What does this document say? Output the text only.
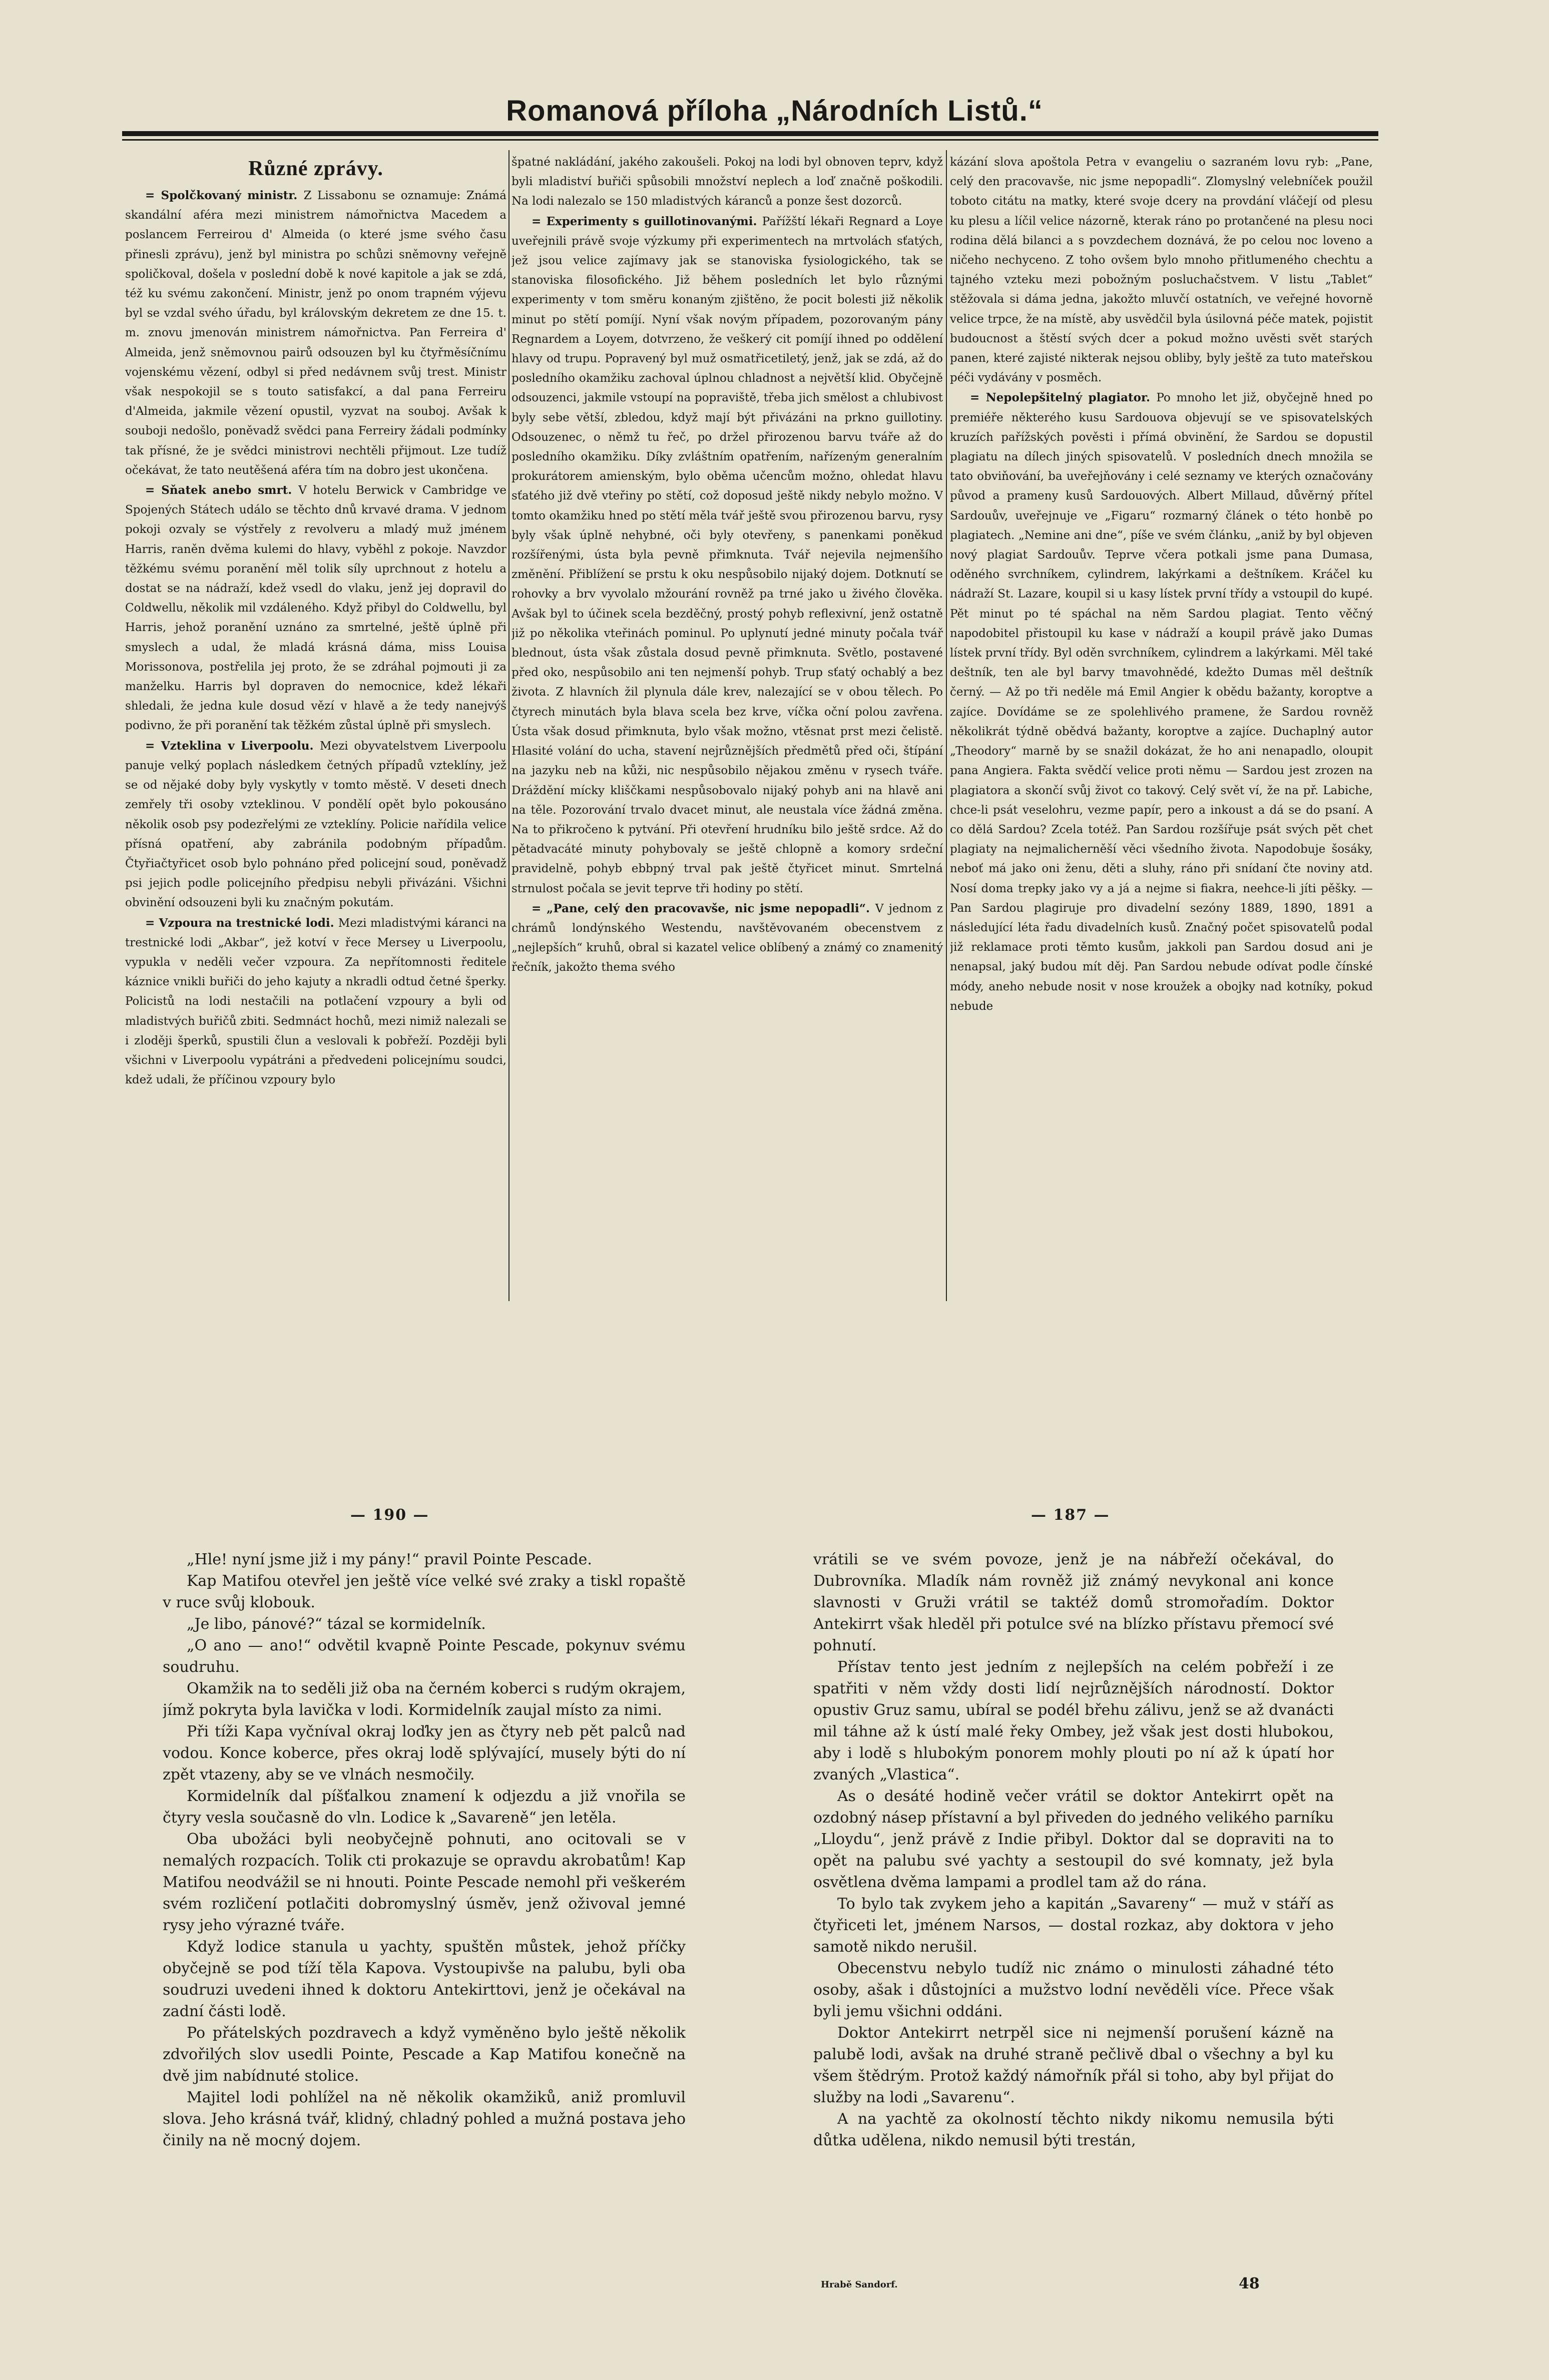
Romanová příloha „Národních Listů.“
Různé zprávy.

= Spolčkovaný ministr. Z Lissabonu se oznamuje: Známá skandální aféra mezi ministrem námořnictva Macedem a poslancem Ferreirou d' Almeida (o které jsme svého času přinesli zprávu), jenž byl ministra po schůzi sněmovny veřejně spoličkoval, došela v poslední době k nové kapitole a jak se zdá, též ku svému zakončení. Ministr, jenž po onom trapném výjevu byl se vzdal svého úřadu, byl královským dekretem ze dne 15. t. m. znovu jmenován ministrem námořnictva. Pan Ferreira d' Almeida, jenž sněmovnou pairů odsouzen byl ku čtyřměsíčnímu vojenskému vězení, odbyl si před nedávnem svůj trest. Ministr však nespokojil se s touto satisfakcí, a dal pana Ferreiru d'Almeida, jakmile vězení opustil, vyzvat na souboj. Avšak k souboji nedošlo, poněvadž svědci pana Ferreiry žádali podmínky tak přísné, že je svědci ministrovi nechtěli přijmout. Lze tudíž očekávat, že tato neutěšená aféra tím na dobro jest ukončena.

= Sňatek anebo smrt. V hotelu Berwick v Cambridge ve Spojených Státech událo se těchto dnů krvavé drama. V jednom pokoji ozvaly se výstřely z revolveru a mladý muž jménem Harris, raněn dvěma kulemi do hlavy, vyběhl z pokoje. Navzdor těžkému svému poranění měl tolik síly uprchnout z hotelu a dostat se na nádraží, kdež vsedl do vlaku, jenž jej dopravil do Coldwellu, několik mil vzdáleného. Když přibyl do Coldwellu, byl Harris, jehož poranění uznáno za smrtelné, ještě úplně při smyslech a udal, že mladá krásná dáma, miss Louisa Morissonova, postřelila jej proto, že se zdráhal pojmouti ji za manželku. Harris byl dopraven do nemocnice, kdež lékaři shledali, že jedna kule dosud vězí v hlavě a že tedy nanejvýš podivno, že při poranění tak těžkém zůstal úplně při smyslech.

= Vzteklina v Liverpoolu. Mezi obyvatelstvem Liverpoolu panuje velký poplach následkem četných případů vzteklíny, jež se od nějaké doby byly vyskytly v tomto městě. V deseti dnech zemřely tři osoby vzteklinou. V pondělí opět bylo pokousáno několik osob psy podezřelými ze vzteklíny. Policie nařídila velice přísná opatření, aby zabránila podobným případům. Čtyřiačtyřicet osob bylo pohnáno před policejní soud, poněvadž psi jejich podle policejního předpisu nebyli přivázáni. Všichni obvinění odsouzeni byli ku značným pokutám.

= Vzpoura na trestnické lodi. Mezi mladistvými káranci na trestnické lodi „Akbar“, jež kotví v řece Mersey u Liverpoolu, vypukla v neděli večer vzpoura. Za nepřítomnosti ředitele káznice vnikli buřiči do jeho kajuty a nkradli odtud četné šperky. Policistů na lodi nestačili na potlačení vzpoury a byli od mladistvých buřičů zbiti. Sedmnáct hochů, mezi nimiž nalezali se i zloději šperků, spustili člun a veslovali k pobřeží. Později byli všichni v Liverpoolu vypátráni a předvedeni policejnímu soudci, kdež udali, že příčinou vzpoury bylo

špatné nakládání, jakého zakoušeli. Pokoj na lodi byl obnoven teprv, když byli mladiství buřiči spůsobili množství neplech a loď značně poškodili. Na lodi nalezalo se 150 mladistvých káranců a ponze šest dozorců.

= Experimenty s guillotinovanými. Pařížští lékaři Regnard a Loye uveřejnili právě svoje výzkumy při experimentech na mrtvolách sťatých, jež jsou velice zajímavy jak se stanoviska fysiologického, tak se stanoviska filosofického. Již během posledních let bylo různými experimenty v tom směru konaným zjištěno, že pocit bolesti již několik minut po stětí pomíjí. Nyní však novým případem, pozorovaným pány Regnardem a Loyem, dotvrzeno, že veškerý cit pomíjí ihned po oddělení hlavy od trupu. Popravený byl muž osmatřicetiletý, jenž, jak se zdá, až do posledního okamžiku zachoval úplnou chladnost a největší klid. Obyčejně odsouzenci, jakmile vstoupí na popraviště, třeba jich smělost a chlubivost byly sebe větší, zbledou, když mají být přivázáni na prkno guillotiny. Odsouzenec, o němž tu řeč, po držel přirozenou barvu tváře až do posledního okamžiku. Díky zvláštním opatřením, nařízeným generalním prokurátorem amienským, bylo oběma učencům možno, ohledat hlavu sťatého již dvě vteřiny po stětí, což doposud ještě nikdy nebylo možno. V tomto okamžiku hned po stětí měla tvář ještě svou přirozenou barvu, rysy byly však úplně nehybné, oči byly otevřeny, s panenkami poněkud rozšířenými, ústa byla pevně přimknuta. Tvář nejevila nejmenšího změnění. Přiblížení se prstu k oku nespůsobilo nijaký dojem. Dotknutí se rohovky a brv vyvolalo mžourání rovněž pa trné jako u živého člověka. Avšak byl to účinek scela bezděčný, prostý pohyb reflexivní, jenž ostatně již po několika vteřinách pominul. Po uplynutí jedné minuty počala tvář blednout, ústa však zůstala dosud pevně přimknuta. Světlo, postavené před oko, nespůsobilo ani ten nejmenší pohyb. Trup sťatý ochablý a bez života. Z hlavních žil plynula dále krev, nalezající se v obou tělech. Po čtyrech minutách byla blava scela bez krve, víčka oční polou zavřena. Ústa však dosud přimknuta, bylo však možno, vtěsnat prst mezi čelistě. Hlasité volání do ucha, stavení nejrůznějších předmětů před oči, štípání na jazyku neb na kůži, nic nespůsobilo nějakou změnu v rysech tváře. Dráždění mícky kliščkami nespůsobovalo nijaký pohyb ani na hlavě ani na těle. Pozorování trvalo dvacet minut, ale neustala více žádná změna. Na to přikročeno k pytvání. Při otevření hrudníku bilo ještě srdce. Až do pětadvacáté minuty pohybovaly se ještě chlopně a komory srdeční pravidelně, pohyb ebbpný trval pak ještě čtyřicet minut. Smrtelná strnulost počala se jevit teprve tři hodiny po stětí.

= „Pane, celý den pracovavše, nic jsme nepopadli“. V jednom z chrámů londýnského Westendu, navštěvovaném obecenstvem z „nejlepších“ kruhů, obral si kazatel velice oblíbený a známý co znamenitý řečník, jakožto thema svého

kázání slova apoštola Petra v evangeliu o sazraném lovu ryb: „Pane, celý den pracovavše, nic jsme nepopadli“. Zlomyslný velebníček použil toboto citátu na matky, které svoje dcery na provdání vláčejí od plesu ku plesu a líčil velice názorně, kterak ráno po protančené na plesu noci rodina dělá bilanci a s povzdechem doznává, že po celou noc loveno a ničeho nechyceno. Z toho ovšem bylo mnoho přitlumeného chechtu a tajného vzteku mezi pobožným posluchačstvem. V listu „Tablet“ stěžovala si dáma jedna, jakožto mluvčí ostatních, ve veřejné hovorně velice trpce, že na místě, aby usvědčil byla úsilovná péče matek, pojistit budoucnost a štěstí svých dcer a pokud možno uvěsti svět starých panen, které zajisté nikterak nejsou obliby, byly ještě za tuto mateřskou péči vydávány v posměch.

= Nepolepšitelný plagiator. Po mnoho let již, obyčejně hned po premiéře některého kusu Sardouova objevují se ve spisovatelských kruzích pařížských pověsti i přímá obvinění, že Sardou se dopustil plagiatu na dílech jiných spisovatelů. V posledních dnech množila se tato obviňování, ba uveřejňovány i celé seznamy ve kterých označovány původ a prameny kusů Sardouových. Albert Millaud, důvěrný přítel Sardouův, uveřejnuje ve „Figaru“ rozmarný článek o této honbě po plagiatech. „Nemine ani dne“, píše ve svém článku, „aniž by byl objeven nový plagiat Sardouův. Teprve včera potkali jsme pana Dumasa, oděného svrchníkem, cylindrem, lakýrkami a deštníkem. Kráčel ku nádraží St. Lazare, koupil si u kasy lístek první třídy a vstoupil do kupé. Pět minut po té spáchal na něm Sardou plagiat. Tento věčný napodobitel přistoupil ku kase v nádraží a koupil právě jako Dumas lístek první třídy. Byl oděn svrchníkem, cylindrem a lakýrkami. Měl také deštník, ten ale byl barvy tmavohnědé, kdežto Dumas měl deštník černý. — Až po tři neděle má Emil Angier k obědu bažanty, koroptve a zajíce. Dovídáme se ze spolehlivého pramene, že Sardou rovněž několikrát týdně obědvá bažanty, koroptve a zajíce. Duchaplný autor „Theodory“ marně by se snažil dokázat, že ho ani nenapadlo, oloupit pana Angiera. Fakta svědčí velice proti němu — Sardou jest zrozen na plagiatora a skončí svůj život co takový. Celý svět ví, že na př. Labiche, chce-li psát veselohru, vezme papír, pero a inkoust a dá se do psaní. A co dělá Sardou? Zcela totéž. Pan Sardou rozšířuje psát svých pět chet plagiaty na nejmalicherněší věci všedního života. Napodobuje šosáky, neboť má jako oni ženu, děti a sluhy, ráno při snídaní čte noviny atd. Nosí doma trepky jako vy a já a nejme si fiakra, neehce-li jíti pěšky. — Pan Sardou plagiruje pro divadelní sezóny 1889, 1890, 1891 a následující léta řadu divadelních kusů. Značný počet spisovatelů podal již reklamace proti těmto kusům, jakkoli pan Sardou dosud ani je nenapsal, jaký budou mít děj. Pan Sardou nebude odívat podle čínské módy, aneho nebude nosit v nose kroužek a obojky nad kotníky, pokud nebude

— 190 —	— 187 —

„Hle! nyní jsme již i my pány!“ pravil Pointe Pescade.

Kap Matifou otevřel jen ještě více velké své zraky a tiskl ropaště v ruce svůj klobouk.

„Je libo, pánové?“ tázal se kormidelník.

„O ano — ano!“ odvětil kvapně Pointe Pescade, pokynuv svému soudruhu.

Okamžik na to seděli již oba na černém koberci s rudým okrajem, jímž pokryta byla lavička v lodi. Kormidelník zaujal místo za nimi.

Při tíži Kapa vyčníval okraj loďky jen as čtyry neb pět palců nad vodou. Konce koberce, přes okraj lodě splývající, musely býti do ní zpět vtazeny, aby se ve vlnách nesmočily.

Kormidelník dal píšťalkou znamení k odjezdu a již vnořila se čtyry vesla současně do vln. Lodice k „Savareně“ jen letěla.

Oba ubožáci byli neobyčejně pohnuti, ano ocitovali se v nemalých rozpacích. Tolik cti prokazuje se opravdu akrobatům! Kap Matifou neodvážil se ni hnouti. Pointe Pescade nemohl při veškerém svém rozličení potlačiti dobromyslný úsměv, jenž oživoval jemné rysy jeho výrazné tváře.

Když lodice stanula u yachty, spuštěn můstek, jehož příčky obyčejně se pod tíží těla Kapova. Vystoupivše na palubu, byli oba soudruzi uvedeni ihned k doktoru Antekirttovi, jenž je očekával na zadní části lodě.

Po přátelských pozdravech a když vyměněno bylo ještě několik zdvořilých slov usedli Pointe, Pescade a Kap Matifou konečně na dvě jim nabídnuté stolice.

Majitel lodi pohlížel na ně několik okamžiků, aniž promluvil slova. Jeho krásná tvář, klidný, chladný pohled a mužná postava jeho činily na ně mocný dojem.

vrátili se ve svém povoze, jenž je na nábřeží očekával, do Dubrovníka. Mladík nám rovněž již známý nevykonal ani konce slavnosti v Gruži vrátil se taktéž domů stromořadím. Doktor Antekirrt však hleděl při potulce své na blízko přístavu přemocí své pohnutí.

Přístav tento jest jedním z nejlepších na celém pobřeží i ze spatřiti v něm vždy dosti lidí nejrůznějších národností. Doktor opustiv Gruz samu, ubíral se podél břehu zálivu, jenž se až dvanácti mil táhne až k ústí malé řeky Ombey, jež však jest dosti hlubokou, aby i lodě s hlubokým ponorem mohly plouti po ní až k úpatí hor zvaných „Vlastica“.

As o desáté hodině večer vrátil se doktor Antekirrt opět na ozdobný násep přístavní a byl přiveden do jedného velikého parníku „Lloydu“, jenž právě z Indie přibyl. Doktor dal se dopraviti na to opět na palubu své yachty a sestoupil do své komnaty, jež byla osvětlena dvěma lampami a prodlel tam až do rána.

To bylo tak zvykem jeho a kapitán „Savareny“ — muž v stáří as čtyřiceti let, jménem Narsos, — dostal rozkaz, aby doktora v jeho samotě nikdo nerušil.

Obecenstvu nebylo tudíž nic známo o minulosti záhadné této osoby, ašak i důstojníci a mužstvo lodní nevěděli více. Přece však byli jemu všichni oddáni.

Doktor Antekirrt netrpěl sice ni nejmenší porušení kázně na palubě lodi, avšak na druhé straně pečlivě dbal o všechny a byl ku všem štědrým. Protož každý námořník přál si toho, aby byl přijat do služby na lodi „Savarenu“.

A na yachtě za okolností těchto nikdy nikomu nemusila býti důtka udělena, nikdo nemusil býti trestán,

Hrabě Sandorf.	48
